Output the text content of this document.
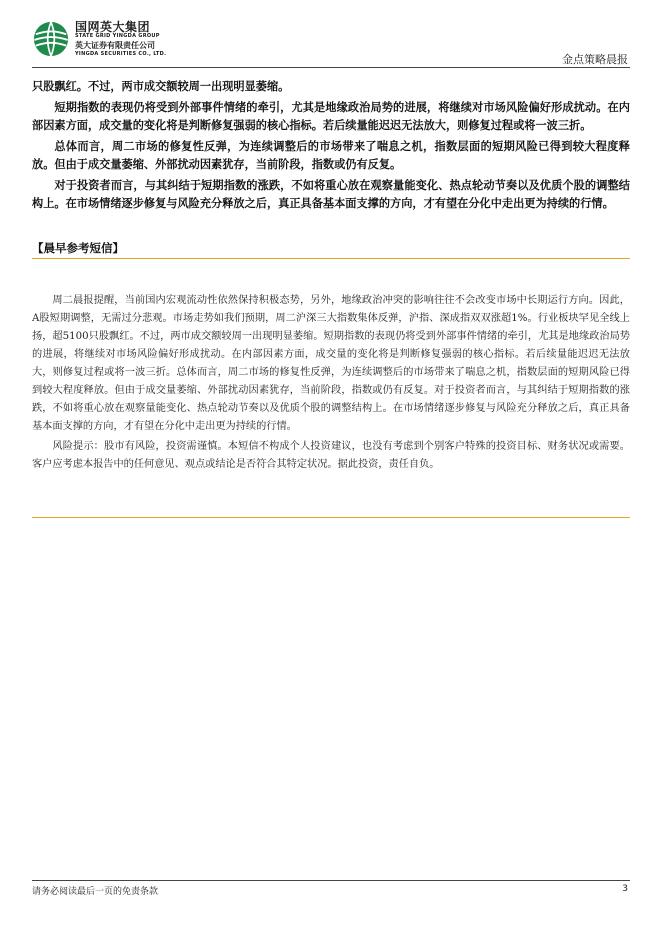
国网英大集团
STATE GRID YINGDA GROUP
英大证券有限责任公司
YINGDA SECURITIES CO., LTD.	金点策略晨报

只股飘红。不过，两市成交额较周一出现明显萎缩。

短期指数的表现仍将受到外部事件情绪的牵引，尤其是地缘政治局势的进展，将继续对市场风险偏好形成扰动。在内部因素方面，成交量的变化将是判断修复强弱的核心指标。若后续量能迟迟无法放大，则修复过程或将一波三折。

总体而言，周二市场的修复性反弹，为连续调整后的市场带来了喘息之机，指数层面的短期风险已得到较大程度释放。但由于成交量萎缩、外部扰动因素犹存，当前阶段，指数或仍有反复。

对于投资者而言，与其纠结于短期指数的涨跌，不如将重心放在观察量能变化、热点轮动节奏以及优质个股的调整结构上。在市场情绪逐步修复与风险充分释放之后，真正具备基本面支撑的方向，才有望在分化中走出更为持续的行情。

【晨早参考短信】

周二晨报提醒，当前国内宏观流动性依然保持积极态势，另外，地缘政治冲突的影响往往不会改变市场中长期运行方向。因此，A股短期调整，无需过分悲观。市场走势如我们预期，周二沪深三大指数集体反弹，沪指、深成指双双涨超1%。行业板块罕见全线上扬，超5100只股飘红。不过，两市成交额较周一出现明显萎缩。短期指数的表现仍将受到外部事件情绪的牵引，尤其是地缘政治局势的进展，将继续对市场风险偏好形成扰动。在内部因素方面，成交量的变化将是判断修复强弱的核心指标。若后续量能迟迟无法放大，则修复过程或将一波三折。总体而言，周二市场的修复性反弹，为连续调整后的市场带来了喘息之机，指数层面的短期风险已得到较大程度释放。但由于成交量萎缩、外部扰动因素犹存，当前阶段，指数或仍有反复。对于投资者而言，与其纠结于短期指数的涨跌，不如将重心放在观察量能变化、热点轮动节奏以及优质个股的调整结构上。在市场情绪逐步修复与风险充分释放之后，真正具备基本面支撑的方向，才有望在分化中走出更为持续的行情。

风险提示：股市有风险，投资需谨慎。本短信不构成个人投资建议，也没有考虑到个别客户特殊的投资目标、财务状况或需要。客户应考虑本报告中的任何意见、观点或结论是否符合其特定状况。据此投资，责任自负。

请务必阅读最后一页的免责条款	3
